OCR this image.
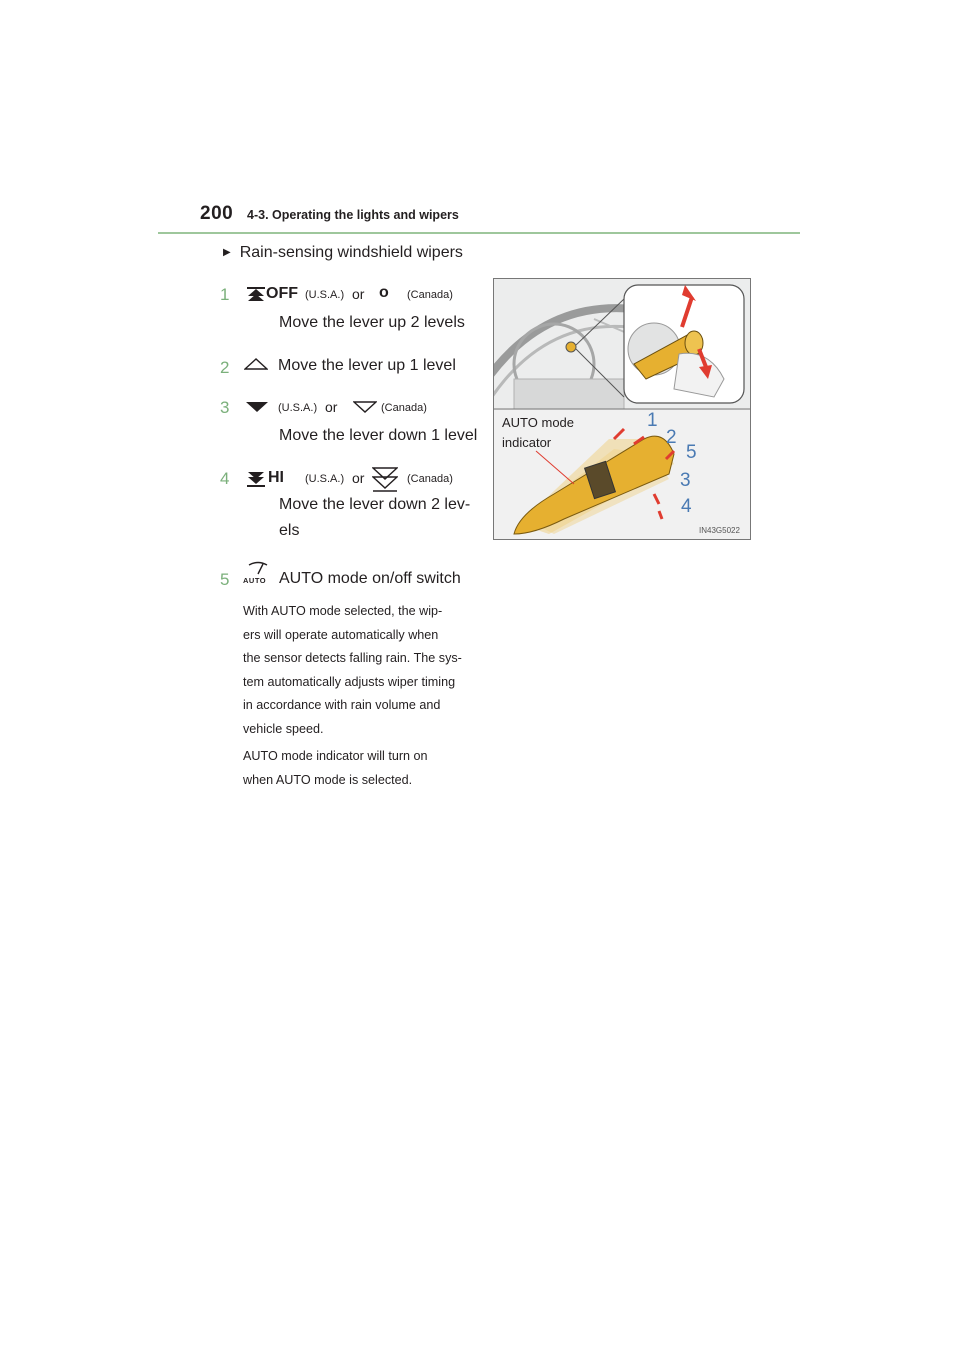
200 4-3. Operating the lights and wipers
▶ Rain-sensing windshield wipers
1 OFF (U.S.A.) or o (Canada)
Move the lever up 2 levels
2	Move the lever up 1 level
3	(U.S.A.) or	(Canada)
Move the lever down 1 level
4 HI (U.S.A.) or	(Canada)
Move the lever down 2 lev-
els
5 AUTO AUTO mode on/off switch
With AUTO mode selected, the wip-
ers will operate automatically when
the sensor detects falling rain. The sys-
tem automatically adjusts wiper timing
in accordance with rain volume and
vehicle speed.
AUTO mode indicator will turn on
when AUTO mode is selected.
AUTO mode
indicator
1
2
5
3
4
IN43G5022
